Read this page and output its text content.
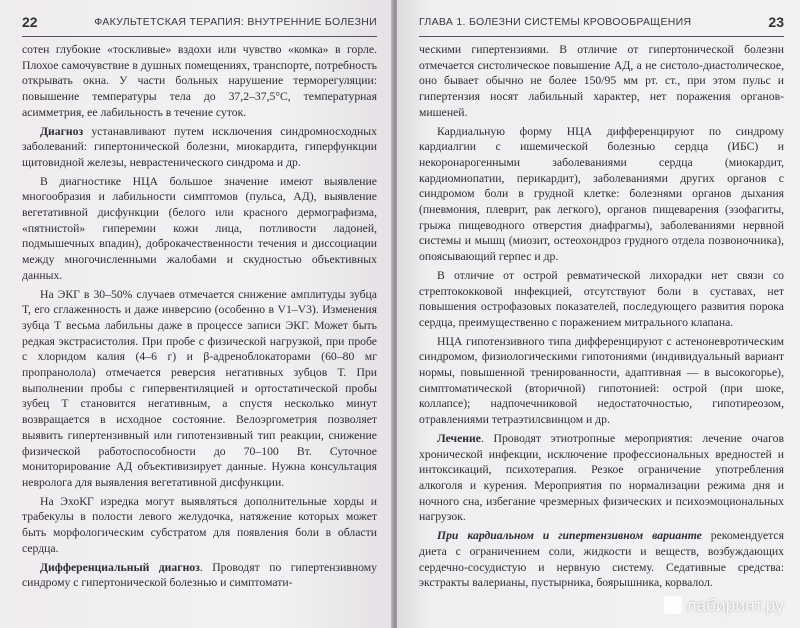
22	ФАКУЛЬТЕТСКАЯ ТЕРАПИЯ: ВНУТРЕННИЕ БОЛЕЗНИ

сотен глубокие «тоскливые» вздохи или чувство «комка» в горле. Плохое самочувствие в душных помещениях, транспорте, потребность открывать окна. У части больных нарушение терморегуляции: повышение температуры тела до 37,2–37,5°С, температурная асимметрия, ее лабильность в течение суток.

Диагноз устанавливают путем исключения синдромносходных заболеваний: гипертонической болезни, миокардита, гиперфункции щитовидной железы, неврастенического синдрома и др.

В диагностике НЦА большое значение имеют выявление многообразия и лабильности симптомов (пульса, АД), выявление вегетативной дисфункции (белого или красного дермографизма, «пятнистой» гиперемии кожи лица, потливости ладоней, подмышечных впадин), доброкачественности течения и диссоциации между многочисленными жалобами и скудностью объективных данных.

На ЭКГ в 30–50% случаев отмечается снижение амплитуды зубца Т, его сглаженность и даже инверсию (особенно в V1–V3). Изменения зубца Т весьма лабильны даже в процессе записи ЭКГ. Может быть редкая экстрасистолия. При пробе с физической нагрузкой, при пробе с хлоридом калия (4–6 г) и β-адреноблокаторами (60–80 мг пропранолола) отмечается реверсия негативных зубцов Т. При выполнении пробы с гипервентиляцией и ортостатической пробы зубец Т становится негативным, а спустя несколько минут возвращается в исходное состояние. Велоэргометрия позволяет выявить гипертензивный или гипотензивный тип реакции, снижение физической работоспособности до 70–100 Вт. Суточное мониторирование АД объективизирует данные. Нужна консультация невролога для выявления вегетативной дисфункции.

На ЭхоКГ изредка могут выявляться дополнительные хорды и трабекулы в полости левого желудочка, натяжение которых может быть морфологическим субстратом для появления боли в области сердца.

Дифференциальный диагноз. Проводят по гипертензивному синдрому с гипертонической болезнью и симптомати-

ГЛАВА 1. БОЛЕЗНИ СИСТЕМЫ КРОВООБРАЩЕНИЯ	23

ческими гипертензиями. В отличие от гипертонической болезни отмечается систолическое повышение АД, а не систоло-диастолическое, оно бывает обычно не более 150/95 мм рт. ст., при этом пульс и гипертензия носят лабильный характер, нет поражения органов-мишеней.

Кардиальную форму НЦА дифференцируют по синдрому кардиалгии с ишемической болезнью сердца (ИБС) и некоронарогенными заболеваниями сердца (миокардит, кардиомиопатии, перикардит), заболеваниями других органов с синдромом боли в грудной клетке: болезнями органов дыхания (пневмония, плеврит, рак легкого), органов пищеварения (эзофагиты, грыжа пищеводного отверстия диафрагмы), заболеваниями нервной системы и мышц (миозит, остеохондроз грудного отдела позвоночника), опоясывающий герпес и др.

В отличие от острой ревматической лихорадки нет связи со стрептококковой инфекцией, отсутствуют боли в суставах, нет повышения острофазовых показателей, последующего развития порока сердца, преимущественно с поражением митрального клапана.

НЦА гипотензивного типа дифференцируют с астеноневротическим синдромом, физиологическими гипотониями (индивидуальный вариант нормы, повышенной тренированности, адаптивная — в высокогорье), симптоматической (вторичной) гипотонией: острой (при шоке, коллапсе); надпочечниковой недостаточностью, гипотиреозом, отравлениями тетраэтилсвинцом и др.

Лечение. Проводят этиотропные мероприятия: лечение очагов хронической инфекции, исключение профессиональных вредностей и интоксикаций, психотерапия. Резкое ограничение употребления алкоголя и курения. Мероприятия по нормализации режима дня и ночного сна, избегание чрезмерных физических и психоэмоциональных нагрузок.

При кардиальном и гипертензивном варианте рекомендуется диета с ограничением соли, жидкости и веществ, возбуждающих сердечно-сосудистую и нервную систему. Седативные средства: экстракты валерианы, пустырника, боярышника, корвалол.

лабиринт.ру
